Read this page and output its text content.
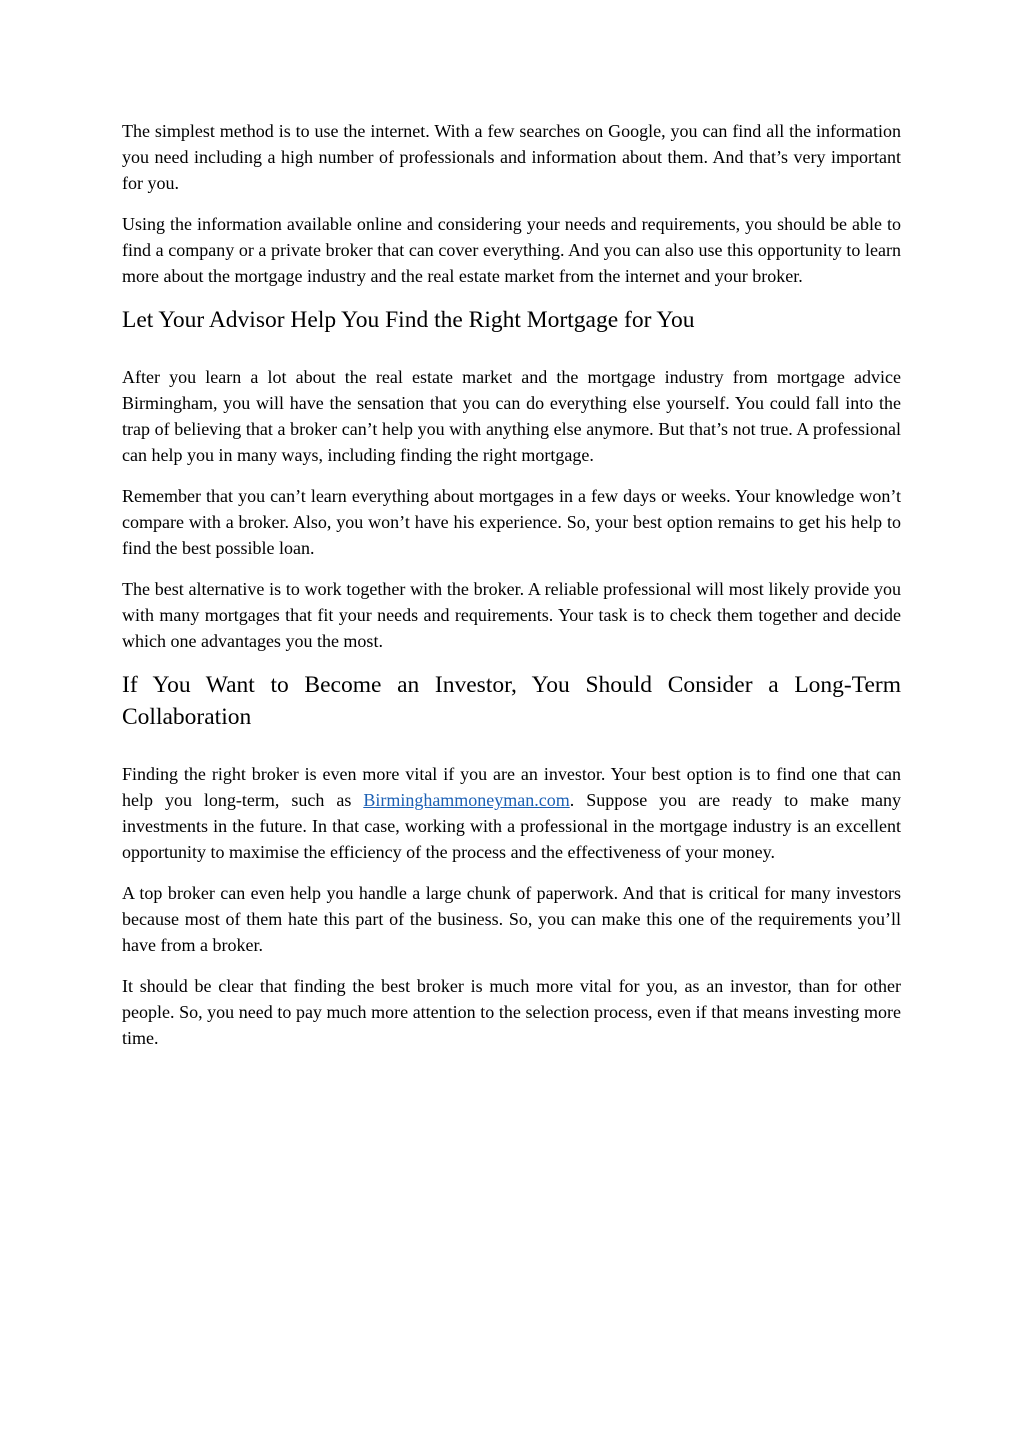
The simplest method is to use the internet. With a few searches on Google, you can find all the information you need including a high number of professionals and information about them. And that’s very important for you.

Using the information available online and considering your needs and requirements, you should be able to find a company or a private broker that can cover everything. And you can also use this opportunity to learn more about the mortgage industry and the real estate market from the internet and your broker.

Let Your Advisor Help You Find the Right Mortgage for You

After you learn a lot about the real estate market and the mortgage industry from mortgage advice Birmingham, you will have the sensation that you can do everything else yourself. You could fall into the trap of believing that a broker can’t help you with anything else anymore. But that’s not true. A professional can help you in many ways, including finding the right mortgage.

Remember that you can’t learn everything about mortgages in a few days or weeks. Your knowledge won’t compare with a broker. Also, you won’t have his experience. So, your best option remains to get his help to find the best possible loan.

The best alternative is to work together with the broker. A reliable professional will most likely provide you with many mortgages that fit your needs and requirements. Your task is to check them together and decide which one advantages you the most.

If You Want to Become an Investor, You Should Consider a Long-Term Collaboration

Finding the right broker is even more vital if you are an investor. Your best option is to find one that can help you long-term, such as Birminghammoneyman.com. Suppose you are ready to make many investments in the future. In that case, working with a professional in the mortgage industry is an excellent opportunity to maximise the efficiency of the process and the effectiveness of your money.

A top broker can even help you handle a large chunk of paperwork. And that is critical for many investors because most of them hate this part of the business. So, you can make this one of the requirements you’ll have from a broker.

It should be clear that finding the best broker is much more vital for you, as an investor, than for other people. So, you need to pay much more attention to the selection process, even if that means investing more time.
